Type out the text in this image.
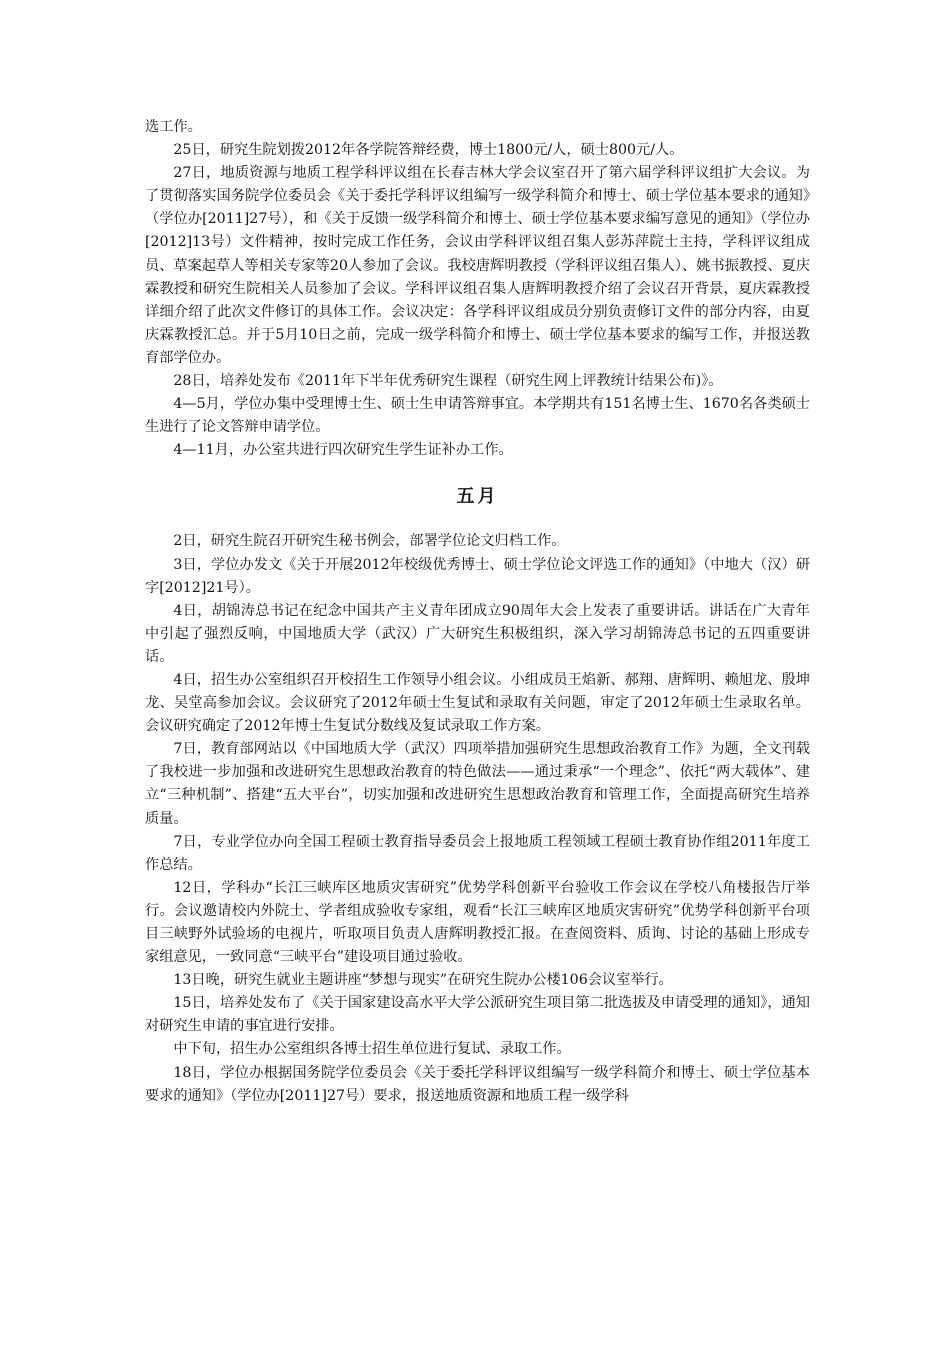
选工作。

25日，研究生院划拨2012年各学院答辩经费，博士1800元/人，硕士800元/人。

27日，地质资源与地质工程学科评议组在长春吉林大学会议室召开了第六届学科评议组扩大会议。为了贯彻落实国务院学位委员会《关于委托学科评议组编写一级学科简介和博士、硕士学位基本要求的通知》（学位办[2011]27号），和《关于反馈一级学科简介和博士、硕士学位基本要求编写意见的通知》（学位办[2012]13号）文件精神，按时完成工作任务，会议由学科评议组召集人彭苏萍院士主持，学科评议组成员、草案起草人等相关专家等20人参加了会议。我校唐辉明教授（学科评议组召集人）、姚书振教授、夏庆霖教授和研究生院相关人员参加了会议。学科评议组召集人唐辉明教授介绍了会议召开背景，夏庆霖教授详细介绍了此次文件修订的具体工作。会议决定：各学科评议组成员分别负责修订文件的部分内容，由夏庆霖教授汇总。并于5月10日之前，完成一级学科简介和博士、硕士学位基本要求的编写工作，并报送教育部学位办。

28日，培养处发布《2011年下半年优秀研究生课程（研究生网上评教统计结果公布)》。

4—5月，学位办集中受理博士生、硕士生申请答辩事宜。本学期共有151名博士生、1670名各类硕士生进行了论文答辩申请学位。

4—11月，办公室共进行四次研究生学生证补办工作。

五月

2日，研究生院召开研究生秘书例会，部署学位论文归档工作。

3日，学位办发文《关于开展2012年校级优秀博士、硕士学位论文评选工作的通知》（中地大（汉）研字[2012]21号）。

4日，胡锦涛总书记在纪念中国共产主义青年团成立90周年大会上发表了重要讲话。讲话在广大青年中引起了强烈反响，中国地质大学（武汉）广大研究生积极组织，深入学习胡锦涛总书记的五四重要讲话。

4日，招生办公室组织召开校招生工作领导小组会议。小组成员王焰新、郝翔、唐辉明、赖旭龙、殷坤龙、吴堂高参加会议。会议研究了2012年硕士生复试和录取有关问题，审定了2012年硕士生录取名单。会议研究确定了2012年博士生复试分数线及复试录取工作方案。

7日，教育部网站以《中国地质大学（武汉）四项举措加强研究生思想政治教育工作》为题，全文刊载了我校进一步加强和改进研究生思想政治教育的特色做法——通过秉承“一个理念”、依托“两大载体”、建立“三种机制”、搭建“五大平台”，切实加强和改进研究生思想政治教育和管理工作，全面提高研究生培养质量。

7日，专业学位办向全国工程硕士教育指导委员会上报地质工程领域工程硕士教育协作组2011年度工作总结。

12日，学科办“长江三峡库区地质灾害研究”优势学科创新平台验收工作会议在学校八角楼报告厅举行。会议邀请校内外院士、学者组成验收专家组，观看“长江三峡库区地质灾害研究”优势学科创新平台项目三峡野外试验场的电视片，听取项目负责人唐辉明教授汇报。在查阅资料、质询、讨论的基础上形成专家组意见，一致同意“三峡平台”建设项目通过验收。

13日晚，研究生就业主题讲座“梦想与现实”在研究生院办公楼106会议室举行。

15日，培养处发布了《关于国家建设高水平大学公派研究生项目第二批选拔及申请受理的通知》，通知对研究生申请的事宜进行安排。

中下旬，招生办公室组织各博士招生单位进行复试、录取工作。

18日，学位办根据国务院学位委员会《关于委托学科评议组编写一级学科简介和博士、硕士学位基本要求的通知》（学位办[2011]27号）要求，报送地质资源和地质工程一级学科
